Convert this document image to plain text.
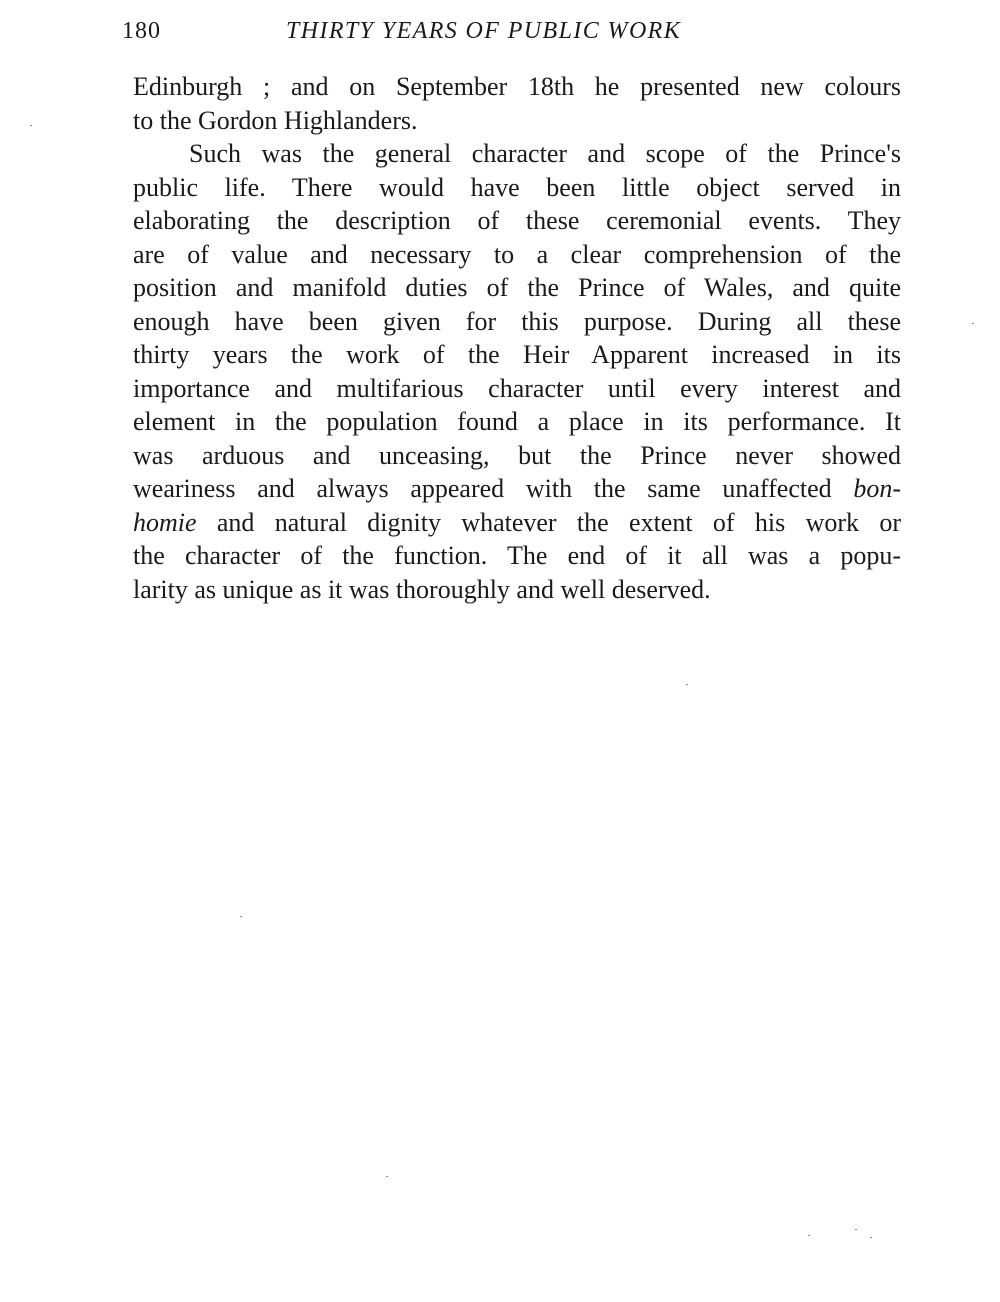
180	THIRTY YEARS OF PUBLIC WORK

Edinburgh ; and on September 18th he presented new colours
to the Gordon Highlanders.

Such was the general character and scope of the Prince's
public life. There would have been little object served in
elaborating the description of these ceremonial events. They
are of value and necessary to a clear comprehension of the
position and manifold duties of the Prince of Wales, and quite
enough have been given for this purpose. During all these
thirty years the work of the Heir Apparent increased in its
importance and multifarious character until every interest and
element in the population found a place in its performance. It
was arduous and unceasing, but the Prince never showed
weariness and always appeared with the same unaffected bon-
homie and natural dignity whatever the extent of his work or
the character of the function. The end of it all was a popu-
larity as unique as it was thoroughly and well deserved.
